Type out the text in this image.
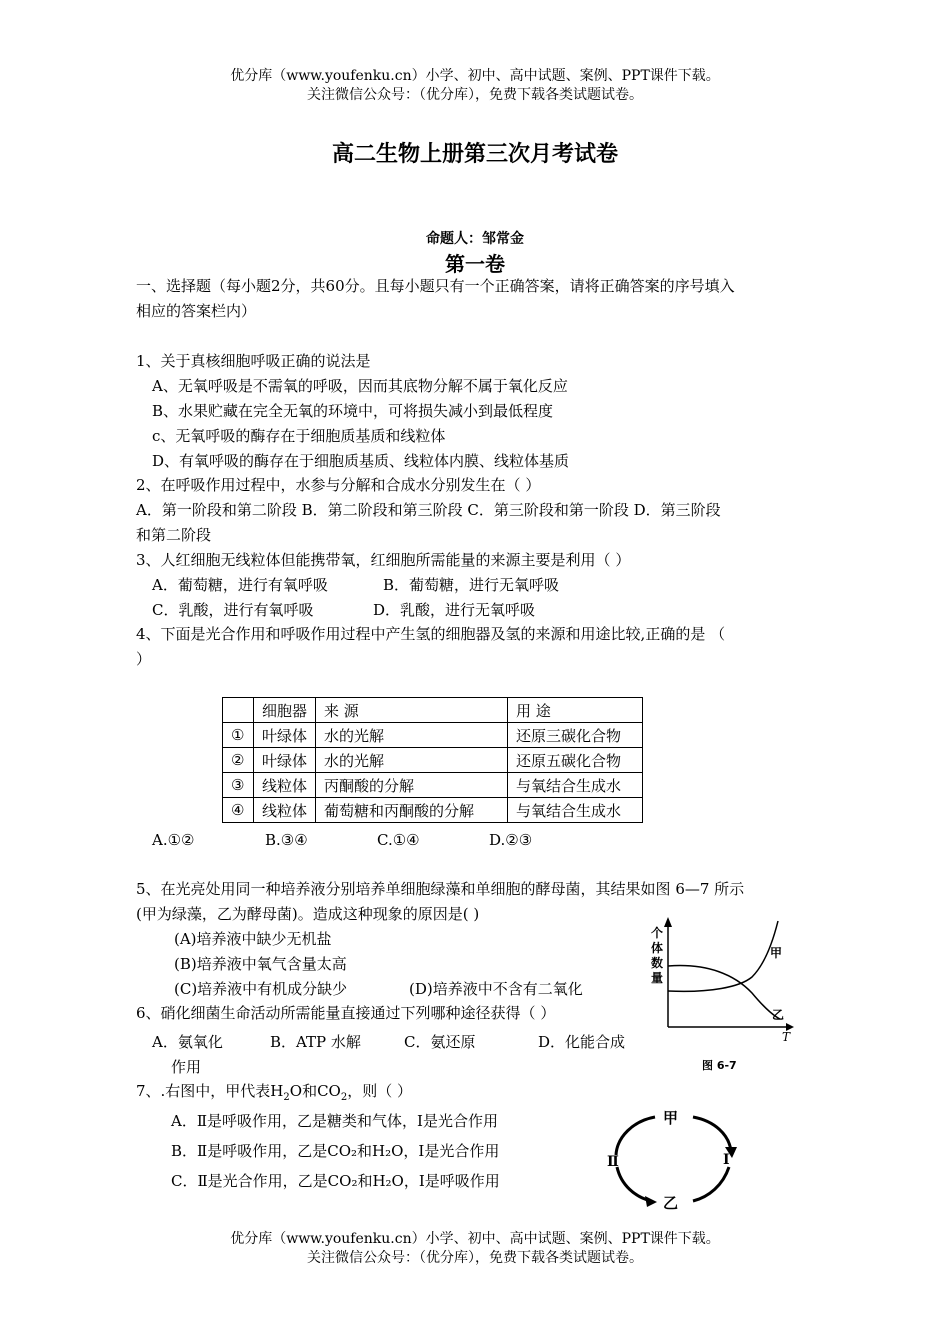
优分库（www.youfenku.cn）小学、初中、高中试题、案例、PPT课件下载。
关注微信公众号：（优分库），免费下载各类试题试卷。
高二生物上册第三次月考试卷
命题人：邹常金
第一卷
一、选择题（每小题2分，共60分。且每小题只有一个正确答案，请将正确答案的序号填入
相应的答案栏内）
1、关于真核细胞呼吸正确的说法是
A、无氧呼吸是不需氧的呼吸，因而其底物分解不属于氧化反应
B、水果贮藏在完全无氧的环境中，可将损失减小到最低程度
c、无氧呼吸的酶存在于细胞质基质和线粒体
D、有氧呼吸的酶存在于细胞质基质、线粒体内膜、线粒体基质
2、在呼吸作用过程中，水参与分解和合成水分别发生在（ ）
A．第一阶段和第二阶段 B．第二阶段和第三阶段 C．第三阶段和第一阶段 D．第三阶段
和第二阶段
3、人红细胞无线粒体但能携带氧，红细胞所需能量的来源主要是利用（ ）
A．葡萄糖，进行有氧呼吸	B．葡萄糖，进行无氧呼吸
C．乳酸，进行有氧呼吸	D．乳酸，进行无氧呼吸
4、下面是光合作用和呼吸作用过程中产生氢的细胞器及氢的来源和用途比较,正确的是 （
）
	细胞器	来 源	用 途
①	叶绿体	水的光解	还原三碳化合物
②	叶绿体	水的光解	还原五碳化合物
③	线粒体	丙酮酸的分解	与氧结合生成水
④	线粒体	葡萄糖和丙酮酸的分解	与氧结合生成水
A.①②	B.③④	C.①④	D.②③
5、在光亮处用同一种培养液分别培养单细胞绿藻和单细胞的酵母菌，其结果如图 6—7 所示
(甲为绿藻，乙为酵母菌)。造成这种现象的原因是( )
(A)培养液中缺少无机盐
(B)培养液中氧气含量太高
(C)培养液中有机成分缺少	(D)培养液中不含有二氧化
6、硝化细菌生命活动所需能量直接通过下列哪种途径获得（ ）
A．氨氧化	B．ATP 水解	C．氨还原	D．化能合成
作用
7、.右图中，甲代表$H_2O$和$CO_2$，则（ ）
A．Ⅱ是呼吸作用，乙是糖类和气体，Ⅰ是光合作用
B．Ⅱ是呼吸作用，乙是CO₂和H₂O，Ⅰ是光合作用
C．Ⅱ是光合作用，乙是CO₂和H₂O，Ⅰ是呼吸作用
个
体
数
量
甲
乙
T
图 6-7
甲
乙
Ⅱ	Ⅰ
优分库（www.youfenku.cn）小学、初中、高中试题、案例、PPT课件下载。
关注微信公众号：（优分库），免费下载各类试题试卷。
